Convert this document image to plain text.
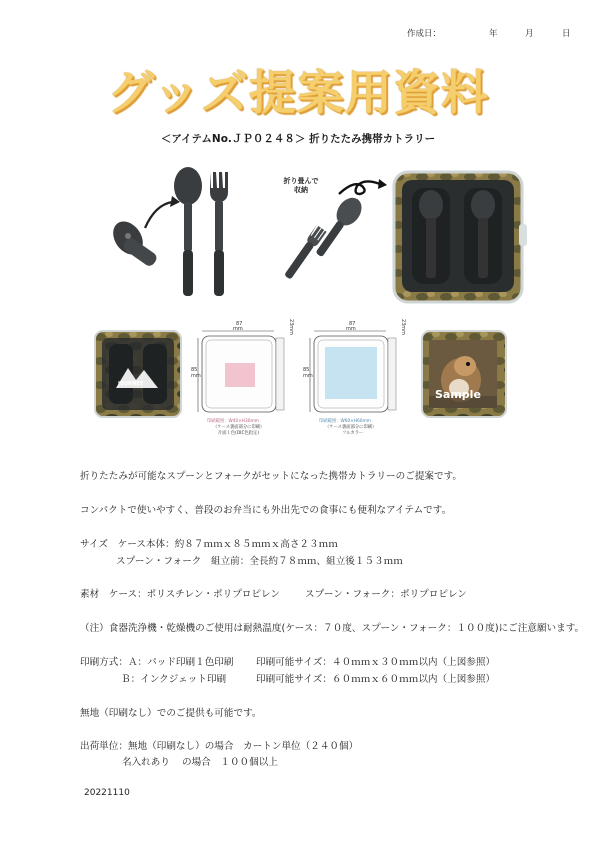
作成日：	年	月	日
グッズ提案用資料
＜アイテムNo.ＪＰ０２４８＞ 折りたたみ携帯カトラリー
折り畳んで
収納
JOURNEY
87
mm
85
mm
23mm
印刷範囲：W40×H30mm
（ケース裏面部分に印刷）
片面１色(DIC色指定)
87
mm
85
mm
23mm
印刷範囲：W60×H60mm
（ケース裏面部分に印刷）
フルカラー
Sample
折りたたみが可能なスプーンとフォークがセットになった携帯カトラリーのご提案です。
コンパクトで使いやすく、普段のお弁当にも外出先での食事にも便利なアイテムです。
サイズ　ケース本体：約８７ｍｍｘ８５ｍｍｘ高さ２３ｍｍ
スプーン・フォーク　組立前：全長約７８ｍｍ、組立後１５３ｍｍ
素材　ケース：ポリスチレン・ポリプロピレン	スプーン・フォーク：ポリプロピレン
（注）食器洗浄機・乾燥機のご使用は耐熱温度(ケース：７０度、スプーン・フォーク：１００度)にご注意願います。
印刷方式：Ａ：パッド印刷１色印刷 印刷可能サイズ：４０ｍｍｘ３０ｍｍ以内（上図参照）
Ｂ：インクジェット印刷	印刷可能サイズ：６０ｍｍｘ６０ｍｍ以内（上図参照）
無地（印刷なし）でのご提供も可能です。
出荷単位：無地（印刷なし）の場合　カートン単位（２４０個）
名入れあり の場合　１００個以上
20221110
